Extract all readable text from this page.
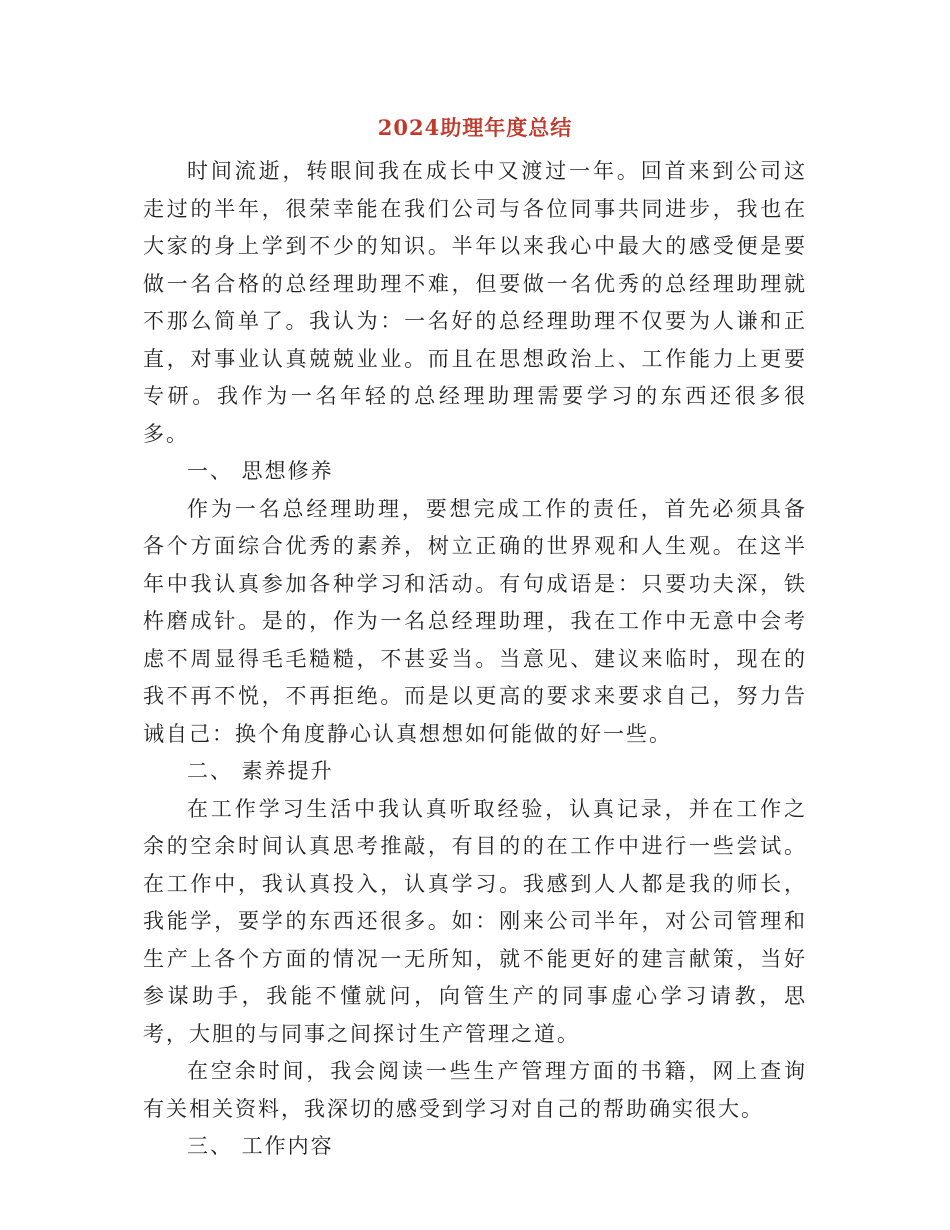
2024助理年度总结

时间流逝，转眼间我在成长中又渡过一年。回首来到公司这走过的半年，很荣幸能在我们公司与各位同事共同进步，我也在大家的身上学到不少的知识。半年以来我心中最大的感受便是要做一名合格的总经理助理不难，但要做一名优秀的总经理助理就不那么简单了。我认为：一名好的总经理助理不仅要为人谦和正直，对事业认真兢兢业业。而且在思想政治上、工作能力上更要专研。我作为一名年轻的总经理助理需要学习的东西还很多很多。

一、 思想修养

作为一名总经理助理，要想完成工作的责任，首先必须具备各个方面综合优秀的素养，树立正确的世界观和人生观。在这半年中我认真参加各种学习和活动。有句成语是：只要功夫深，铁杵磨成针。是的，作为一名总经理助理，我在工作中无意中会考虑不周显得毛毛糙糙，不甚妥当。当意见、建议来临时，现在的我不再不悦，不再拒绝。而是以更高的要求来要求自己，努力告诫自己：换个角度静心认真想想如何能做的好一些。

二、 素养提升

在工作学习生活中我认真听取经验，认真记录，并在工作之余的空余时间认真思考推敲，有目的的在工作中进行一些尝试。在工作中，我认真投入，认真学习。我感到人人都是我的师长，我能学，要学的东西还很多。如：刚来公司半年，对公司管理和生产上各个方面的情况一无所知，就不能更好的建言献策，当好参谋助手，我能不懂就问，向管生产的同事虚心学习请教，思考，大胆的与同事之间探讨生产管理之道。

在空余时间，我会阅读一些生产管理方面的书籍，网上查询有关相关资料，我深切的感受到学习对自己的帮助确实很大。

三、 工作内容
